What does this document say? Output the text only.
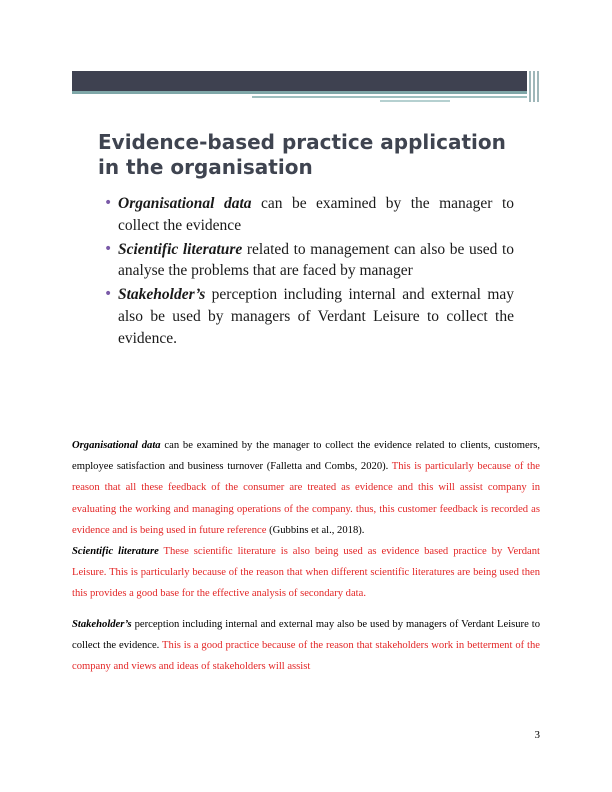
Evidence-based practice application in the organisation
• Organisational data can be examined by the manager to collect the evidence
• Scientific literature related to management can also be used to analyse the problems that are faced by manager
• Stakeholder’s perception including internal and external may also be used by managers of Verdant Leisure to collect the evidence.

Organisational data can be examined by the manager to collect the evidence related to clients, customers, employee satisfaction and business turnover (Falletta and Combs, 2020). This is particularly because of the reason that all these feedback of the consumer are treated as evidence and this will assist company in evaluating the working and managing operations of the company. thus, this customer feedback is recorded as evidence and is being used in future reference (Gubbins et al., 2018).

Scientific literature These scientific literature is also being used as evidence based practice by Verdant Leisure. This is particularly because of the reason that when different scientific literatures are being used then this provides a good base for the effective analysis of secondary data.

Stakeholder’s perception including internal and external may also be used by managers of Verdant Leisure to collect the evidence. This is a good practice because of the reason that stakeholders work in betterment of the company and views and ideas of stakeholders will assist

3
